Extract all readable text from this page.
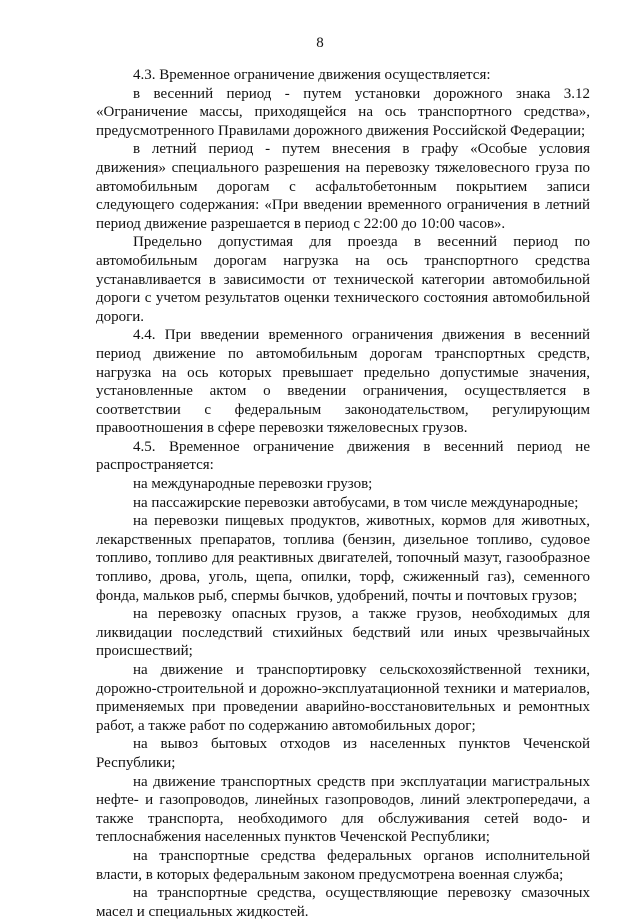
8

4.3. Временное ограничение движения осуществляется:

в весенний период - путем установки дорожного знака 3.12 «Ограничение массы, приходящейся на ось транспортного средства», предусмотренного Правилами дорожного движения Российской Федерации;

в летний период - путем внесения в графу «Особые условия движения» специального разрешения на перевозку тяжеловесного груза по автомобильным дорогам с асфальтобетонным покрытием записи следующего содержания: «При введении временного ограничения в летний период движение разрешается в период с 22:00 до 10:00 часов».

Предельно допустимая для проезда в весенний период по автомобильным дорогам нагрузка на ось транспортного средства устанавливается в зависимости от технической категории автомобильной дороги с учетом результатов оценки технического состояния автомобильной дороги.

4.4. При введении временного ограничения движения в весенний период движение по автомобильным дорогам транспортных средств, нагрузка на ось которых превышает предельно допустимые значения, установленные актом о введении ограничения, осуществляется в соответствии с федеральным законодательством, регулирующим правоотношения в сфере перевозки тяжеловесных грузов.

4.5. Временное ограничение движения в весенний период не распространяется:

на международные перевозки грузов;

на пассажирские перевозки автобусами, в том числе международные;

на перевозки пищевых продуктов, животных, кормов для животных, лекарственных препаратов, топлива (бензин, дизельное топливо, судовое топливо, топливо для реактивных двигателей, топочный мазут, газообразное топливо, дрова, уголь, щепа, опилки, торф, сжиженный газ), семенного фонда, мальков рыб, спермы бычков, удобрений, почты и почтовых грузов;

на перевозку опасных грузов, а также грузов, необходимых для ликвидации последствий стихийных бедствий или иных чрезвычайных происшествий;

на движение и транспортировку сельскохозяйственной техники, дорожно-строительной и дорожно-эксплуатационной техники и материалов, применяемых при проведении аварийно-восстановительных и ремонтных работ, а также работ по содержанию автомобильных дорог;

на вывоз бытовых отходов из населенных пунктов Чеченской Республики;

на движение транспортных средств при эксплуатации магистральных нефте- и газопроводов, линейных газопроводов, линий электропередачи, а также транспорта, необходимого для обслуживания сетей водо- и теплоснабжения населенных пунктов Чеченской Республики;

на транспортные средства федеральных органов исполнительной власти, в которых федеральным законом предусмотрена военная служба;

на транспортные средства, осуществляющие перевозку смазочных масел и специальных жидкостей.
